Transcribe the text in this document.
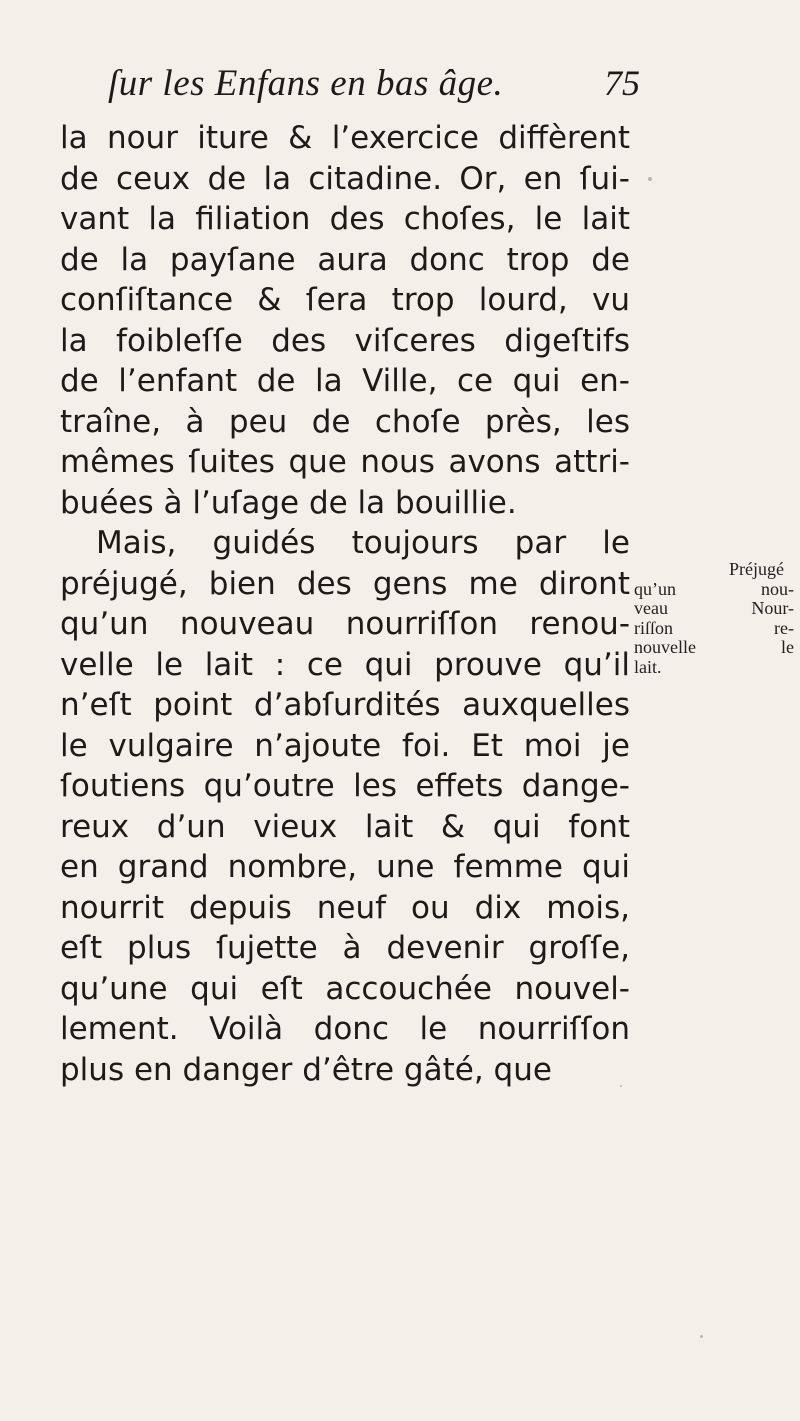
ſur les Enfans en bas âge.	75
la nour iture & l’exercice diffèrent
de ceux de la citadine. Or, en ſui-
vant la filiation des choſes, le lait
de la payſane aura donc trop de
conſiſtance & ſera trop lourd, vu
la foibleſſe des viſceres digeſtifs
de l’enfant de la Ville, ce qui en-
traîne, à peu de choſe près, les
mêmes ſuites que nous avons attri-
buées à l’uſage de la bouillie.
Mais, guidés toujours par le
préjugé, bien des gens me diront
qu’un nouveau nourriſſon renou-
velle le lait : ce qui prouve qu’il
n’eſt point d’abſurdités auxquelles
le vulgaire n’ajoute foi. Et moi je
ſoutiens qu’outre les effets dange-
reux d’un vieux lait & qui font
en grand nombre, une femme qui
nourrit depuis neuf ou dix mois,
eſt plus ſujette à devenir groſſe,
qu’une qui eſt accouchée nouvel-
lement. Voilà donc le nourriſſon
plus en danger d’être gâté, que
Préjugé
qu’un nou-
veau Nour-
riſſon re-
nouvelle le
lait.
